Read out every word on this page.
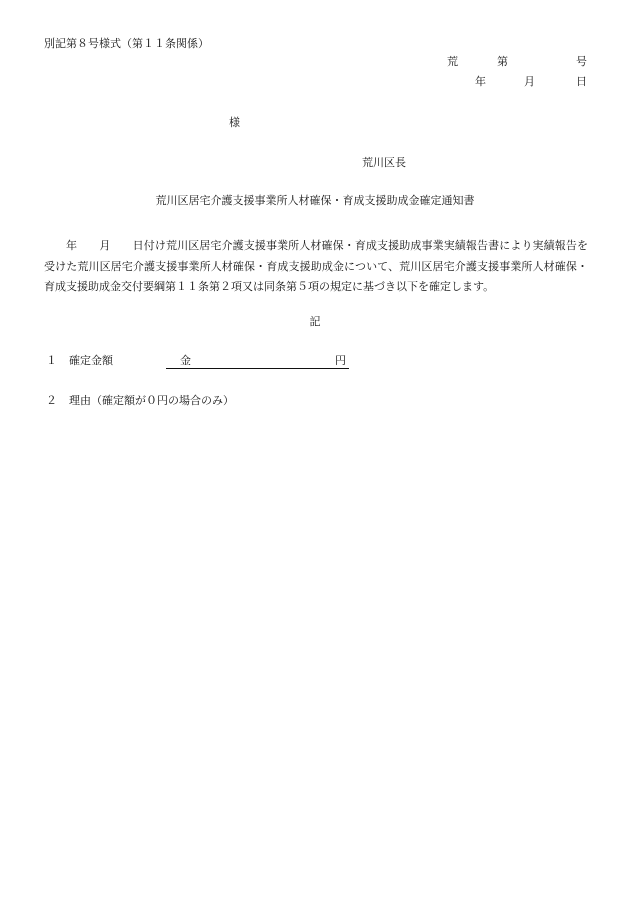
別記第８号様式（第１１条関係）
荒	第	号
年	月	日
様
荒川区長
荒川区居宅介護支援事業所人材確保・育成支援助成金確定通知書
年　　月　　日付け荒川区居宅介護支援事業所人材確保・育成支援助成事業実績報告書により実績報告を受けた荒川区居宅介護支援事業所人材確保・育成支援助成金について、荒川区居宅介護支援事業所人材確保・育成支援助成金交付要綱第１１条第２項又は同条第５項の規定に基づき以下を確定します。
記
１ 確定金額	金	円
２ 理由（確定額が０円の場合のみ）
